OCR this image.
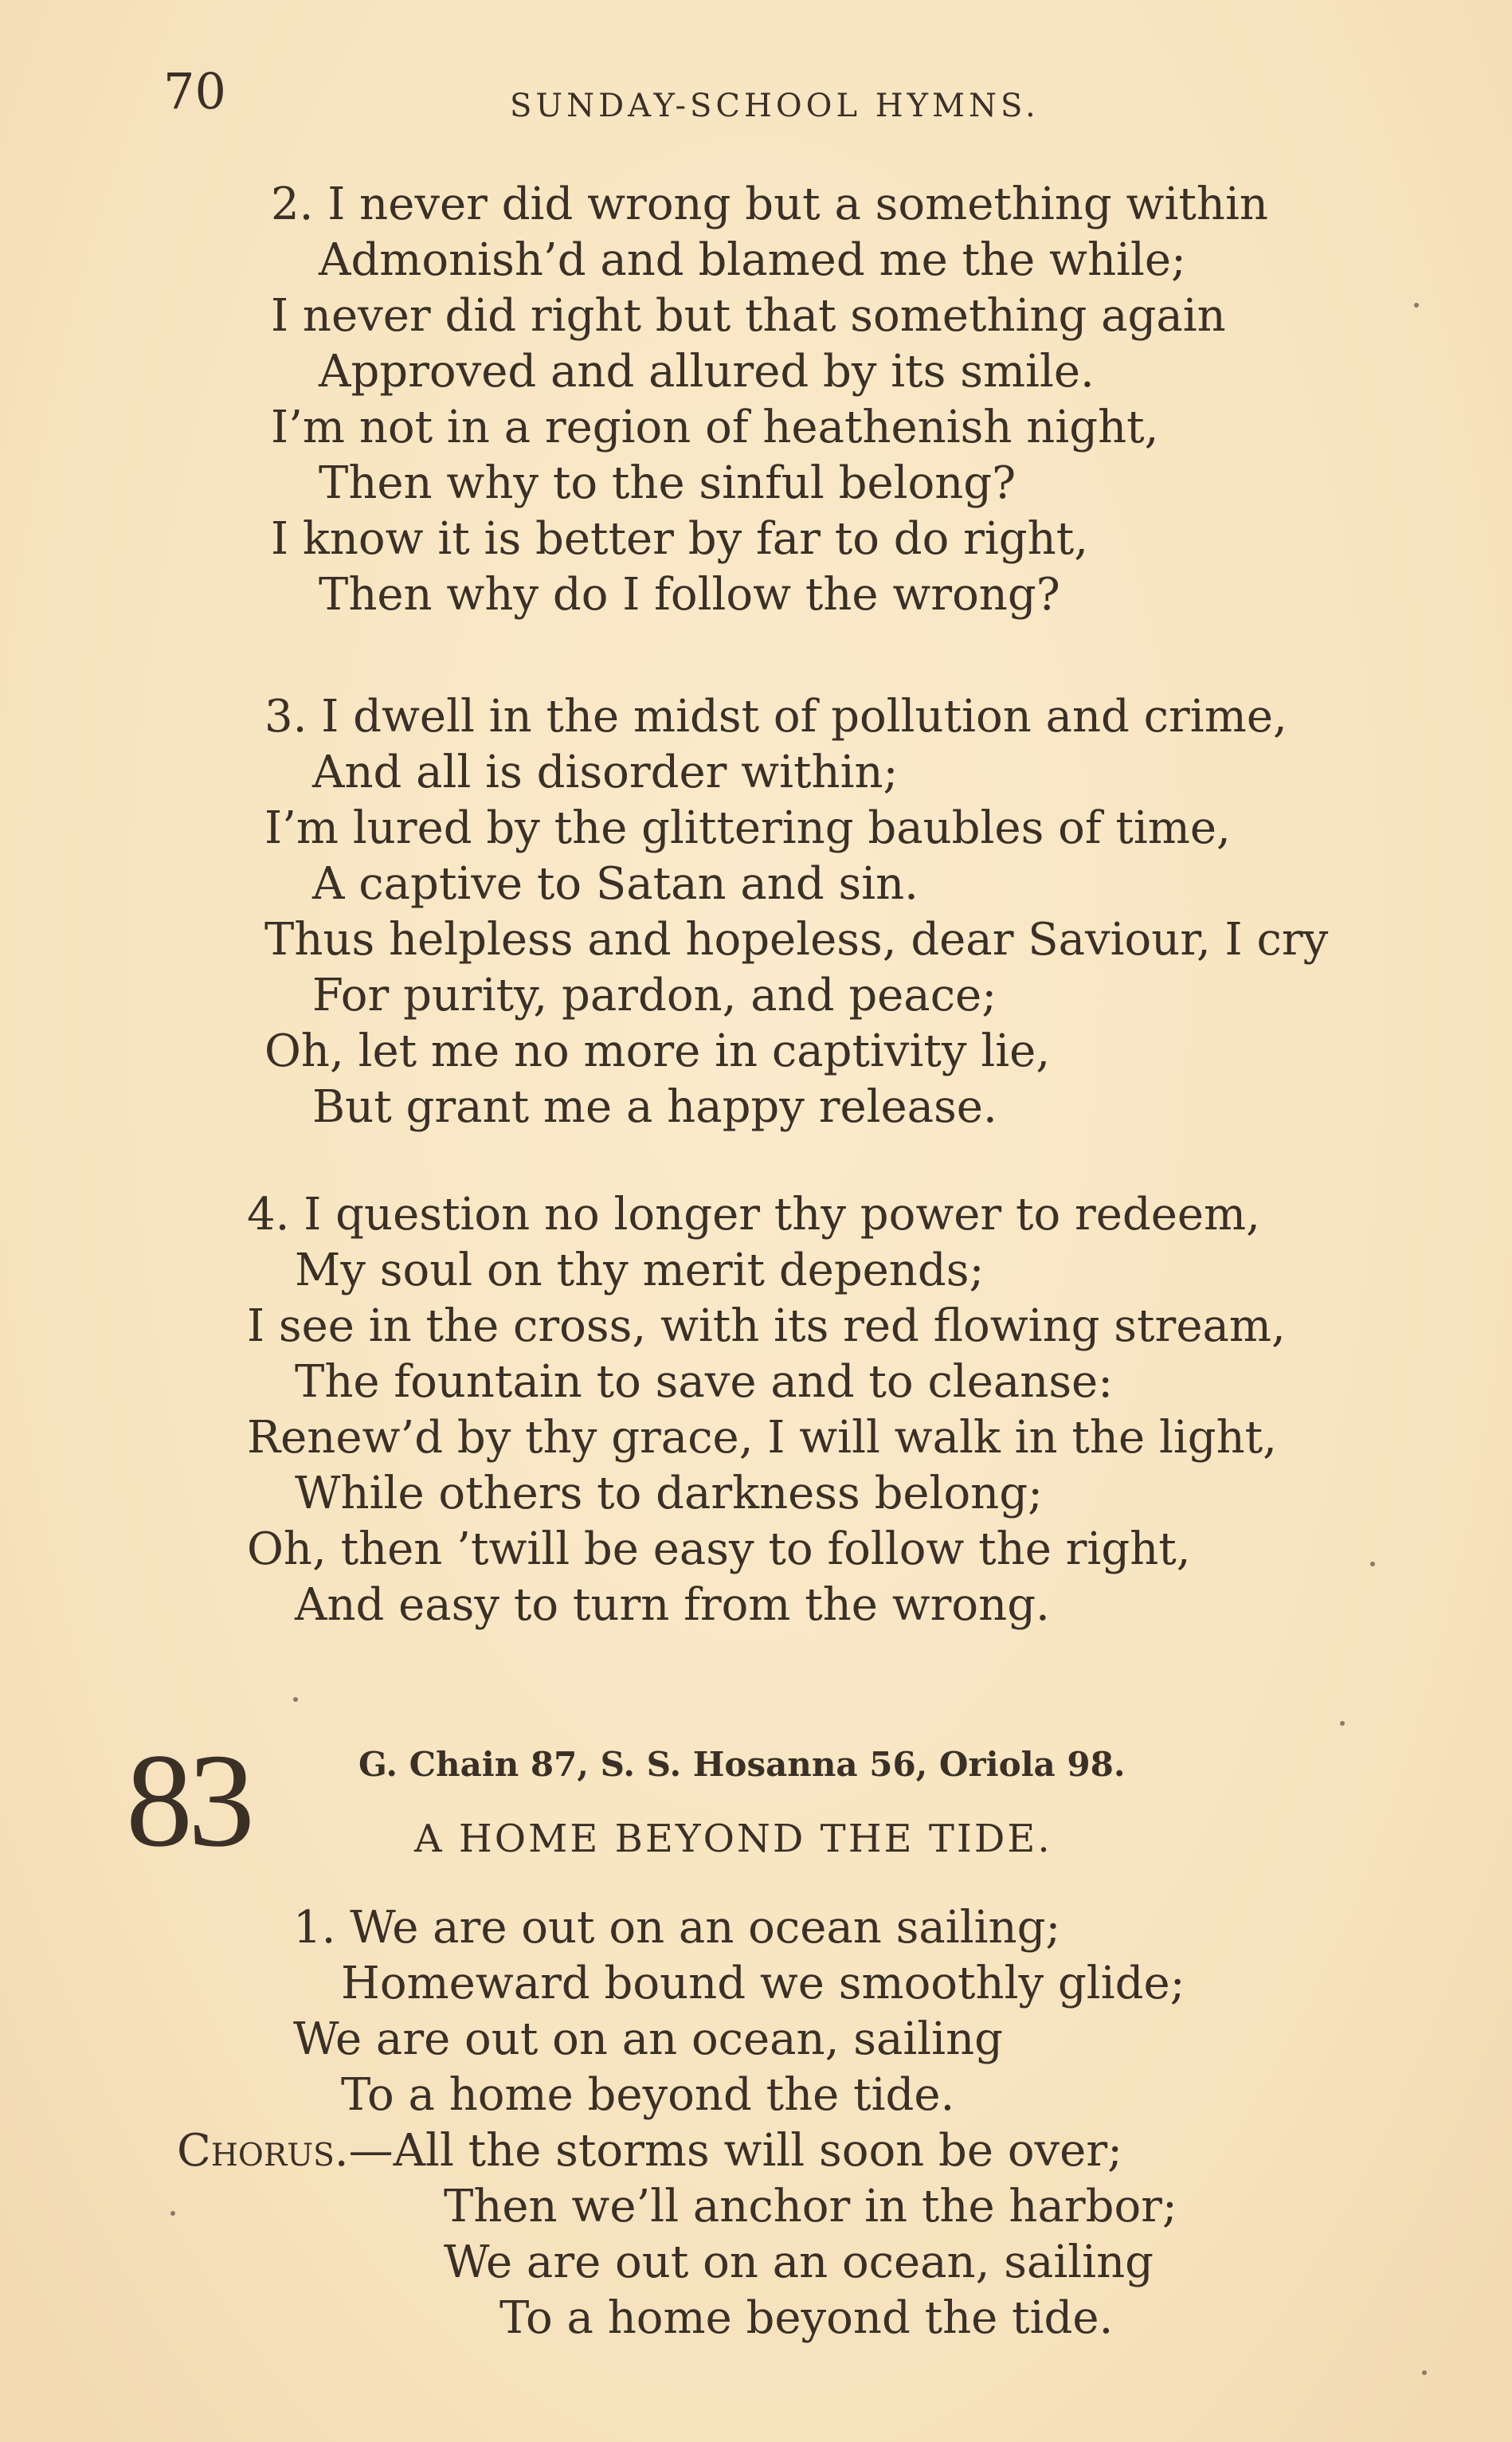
70	SUNDAY-SCHOOL HYMNS.
2. I never did wrong but a something within
Admonish’d and blamed me the while;
I never did right but that something again
Approved and allured by its smile.
I’m not in a region of heathenish night,
Then why to the sinful belong?
I know it is better by far to do right,
Then why do I follow the wrong?
3. I dwell in the midst of pollution and crime,
And all is disorder within;
I’m lured by the glittering baubles of time,
A captive to Satan and sin.
Thus helpless and hopeless, dear Saviour, I cry
For purity, pardon, and peace;
Oh, let me no more in captivity lie,
But grant me a happy release.
4. I question no longer thy power to redeem,
My soul on thy merit depends;
I see in the cross, with its red flowing stream,
The fountain to save and to cleanse:
Renew’d by thy grace, I will walk in the light,
While others to darkness belong;
Oh, then ’twill be easy to follow the right,
And easy to turn from the wrong.
83	G. Chain 87, S. S. Hosanna 56, Oriola 98.
A HOME BEYOND THE TIDE.
1. We are out on an ocean sailing;
Homeward bound we smoothly glide;
We are out on an ocean, sailing
To a home beyond the tide.
Chorus.—All the storms will soon be over;
Then we’ll anchor in the harbor;
We are out on an ocean, sailing
To a home beyond the tide.
